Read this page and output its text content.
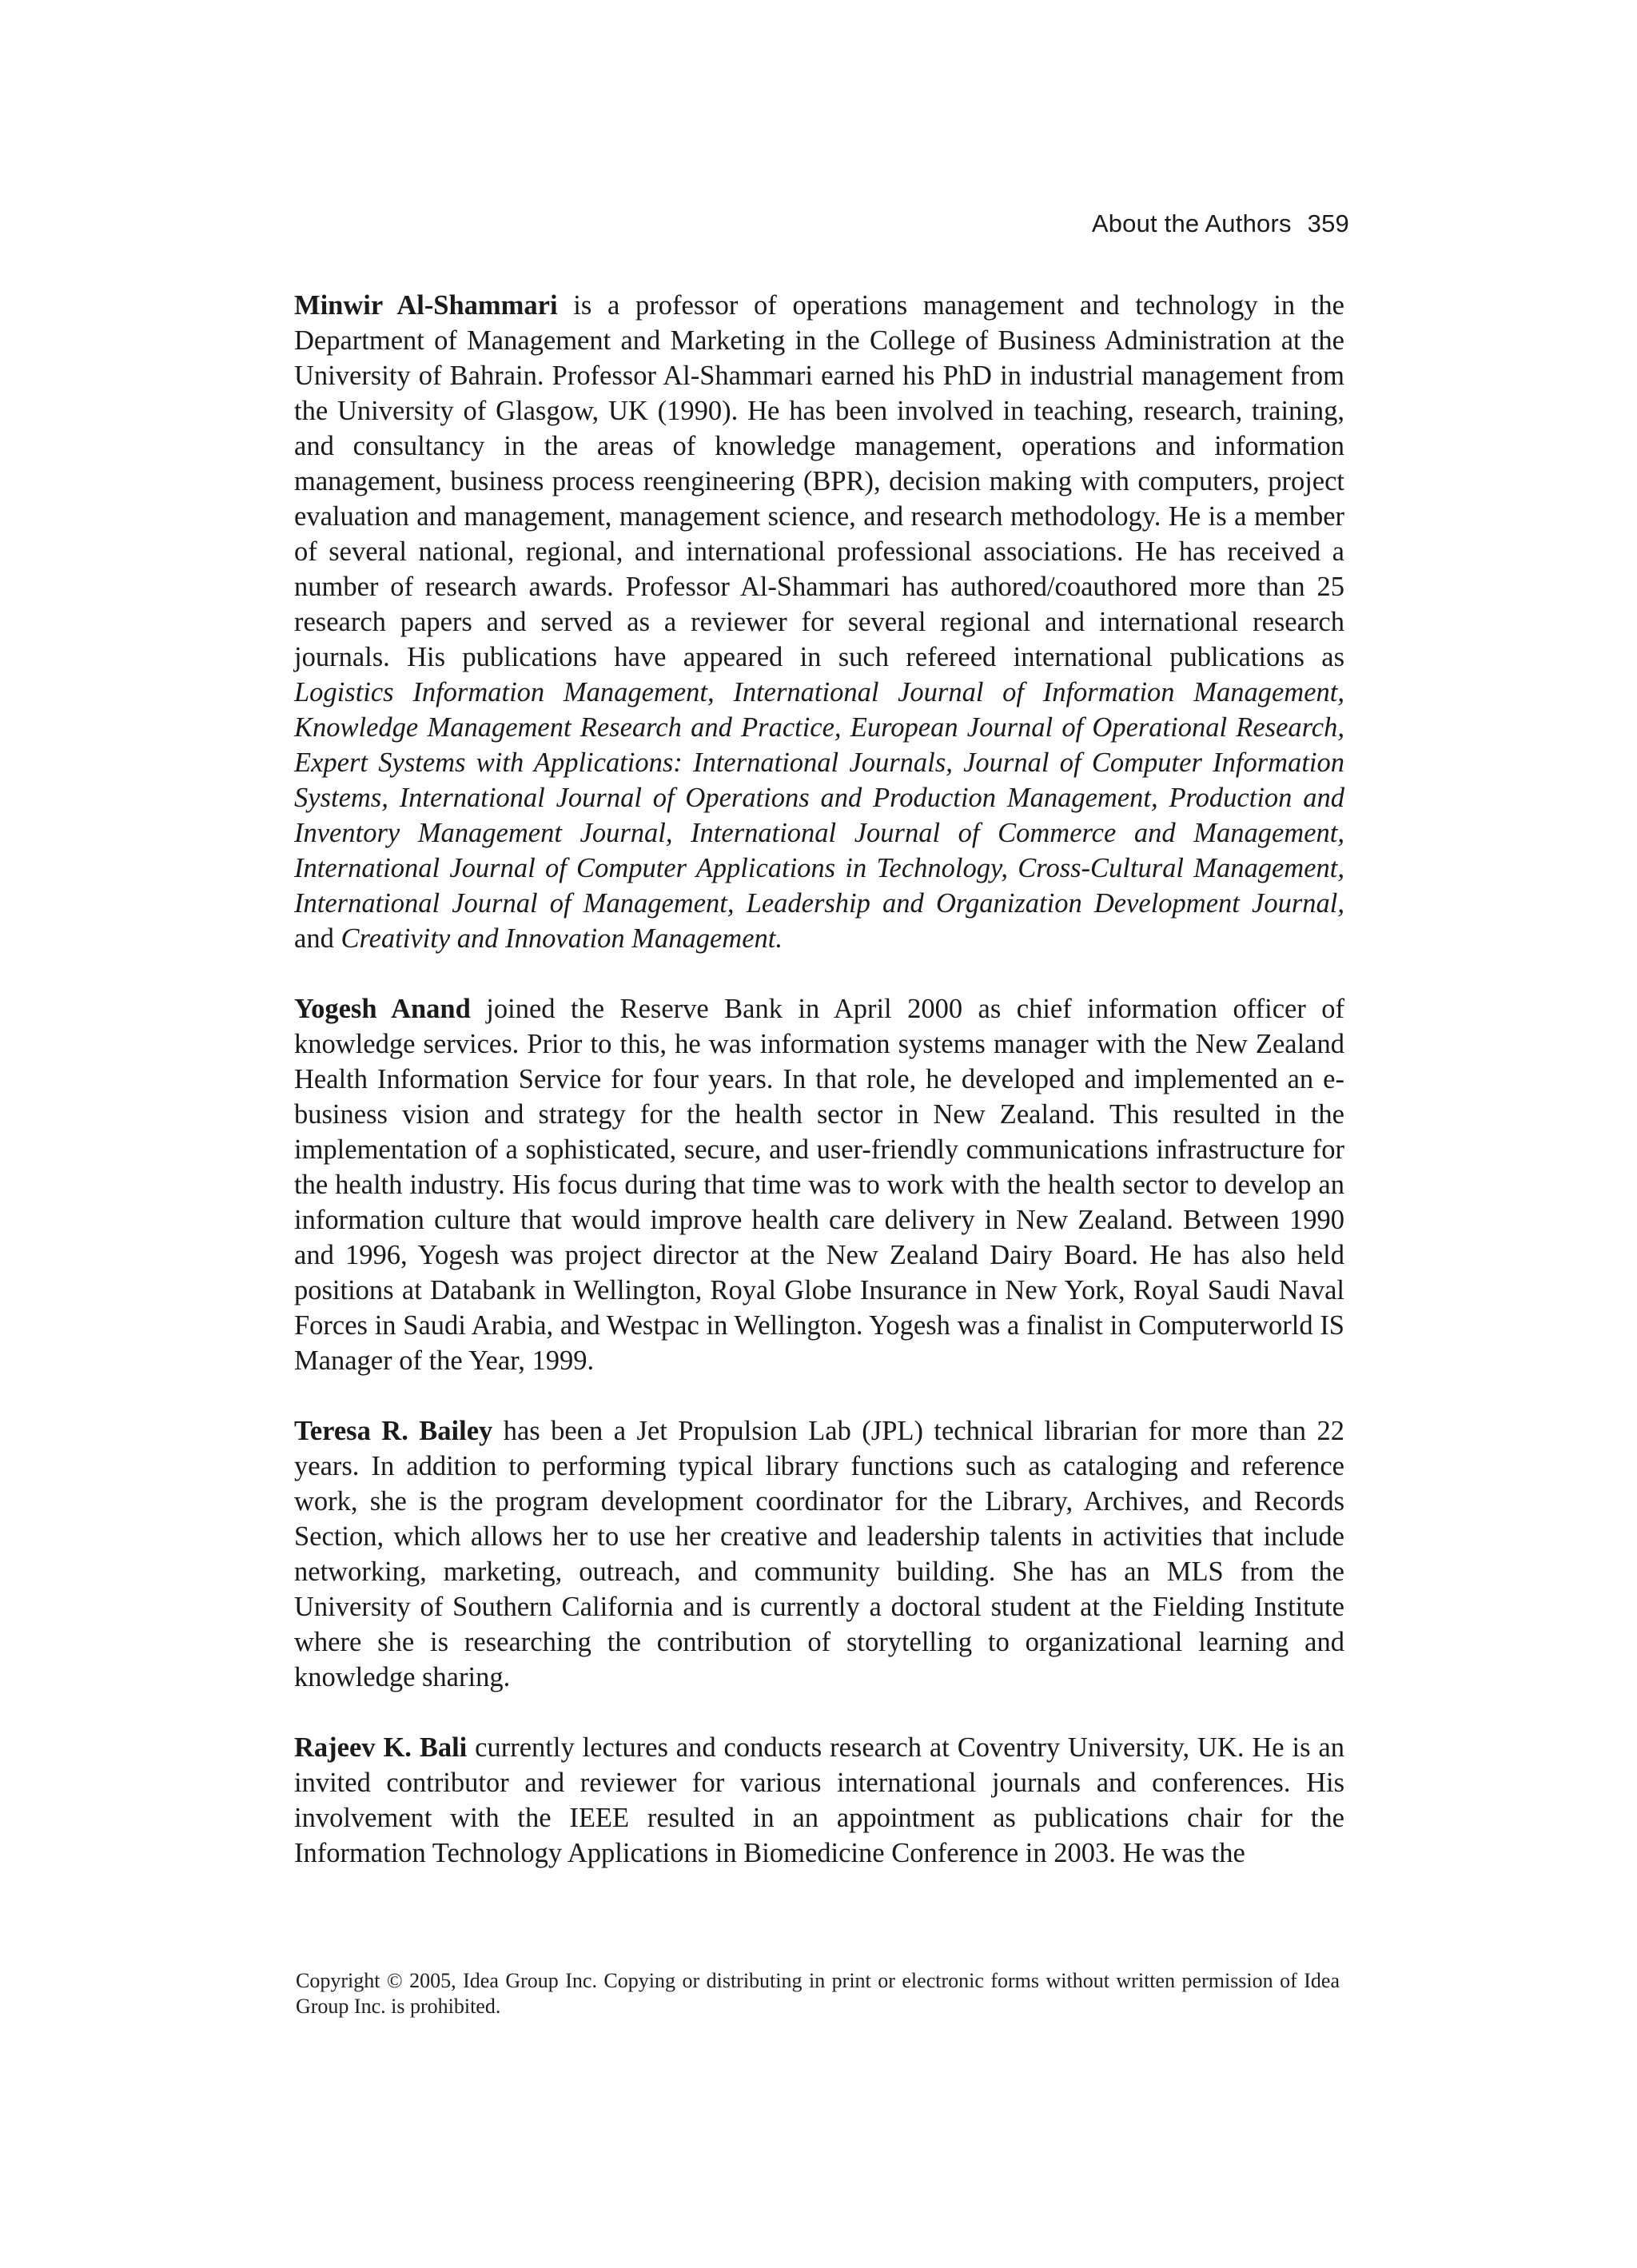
About the Authors 359

Minwir Al-Shammari is a professor of operations management and technology in the Department of Management and Marketing in the College of Business Administration at the University of Bahrain. Professor Al-Shammari earned his PhD in industrial management from the University of Glasgow, UK (1990). He has been involved in teaching, research, training, and consultancy in the areas of knowledge management, operations and information management, business process reengineering (BPR), decision making with computers, project evaluation and management, management science, and research methodology. He is a member of several national, regional, and international professional associations. He has received a number of research awards. Professor Al-Shammari has authored/coauthored more than 25 research papers and served as a reviewer for several regional and international research journals. His publications have appeared in such refereed international publications as Logistics Information Management, International Journal of Information Management, Knowledge Management Research and Practice, European Journal of Operational Research, Expert Systems with Applications: International Journals, Journal of Computer Information Systems, International Journal of Operations and Production Management, Production and Inventory Management Journal, International Journal of Commerce and Management, International Journal of Computer Applications in Technology, Cross-Cultural Management, International Journal of Management, Leadership and Organization Development Journal, and Creativity and Innovation Management.

Yogesh Anand joined the Reserve Bank in April 2000 as chief information officer of knowledge services. Prior to this, he was information systems manager with the New Zealand Health Information Service for four years. In that role, he developed and implemented an e-business vision and strategy for the health sector in New Zealand. This resulted in the implementation of a sophisticated, secure, and user-friendly communications infrastructure for the health industry. His focus during that time was to work with the health sector to develop an information culture that would improve health care delivery in New Zealand. Between 1990 and 1996, Yogesh was project director at the New Zealand Dairy Board. He has also held positions at Databank in Wellington, Royal Globe Insurance in New York, Royal Saudi Naval Forces in Saudi Arabia, and Westpac in Wellington. Yogesh was a finalist in Computerworld IS Manager of the Year, 1999.

Teresa R. Bailey has been a Jet Propulsion Lab (JPL) technical librarian for more than 22 years. In addition to performing typical library functions such as cataloging and reference work, she is the program development coordinator for the Library, Archives, and Records Section, which allows her to use her creative and leadership talents in activities that include networking, marketing, outreach, and community building. She has an MLS from the University of Southern California and is currently a doctoral student at the Fielding Institute where she is researching the contribution of storytelling to organizational learning and knowledge sharing.

Rajeev K. Bali currently lectures and conducts research at Coventry University, UK. He is an invited contributor and reviewer for various international journals and conferences. His involvement with the IEEE resulted in an appointment as publications chair for the Information Technology Applications in Biomedicine Conference in 2003. He was the

Copyright © 2005, Idea Group Inc. Copying or distributing in print or electronic forms without written permission of Idea Group Inc. is prohibited.
